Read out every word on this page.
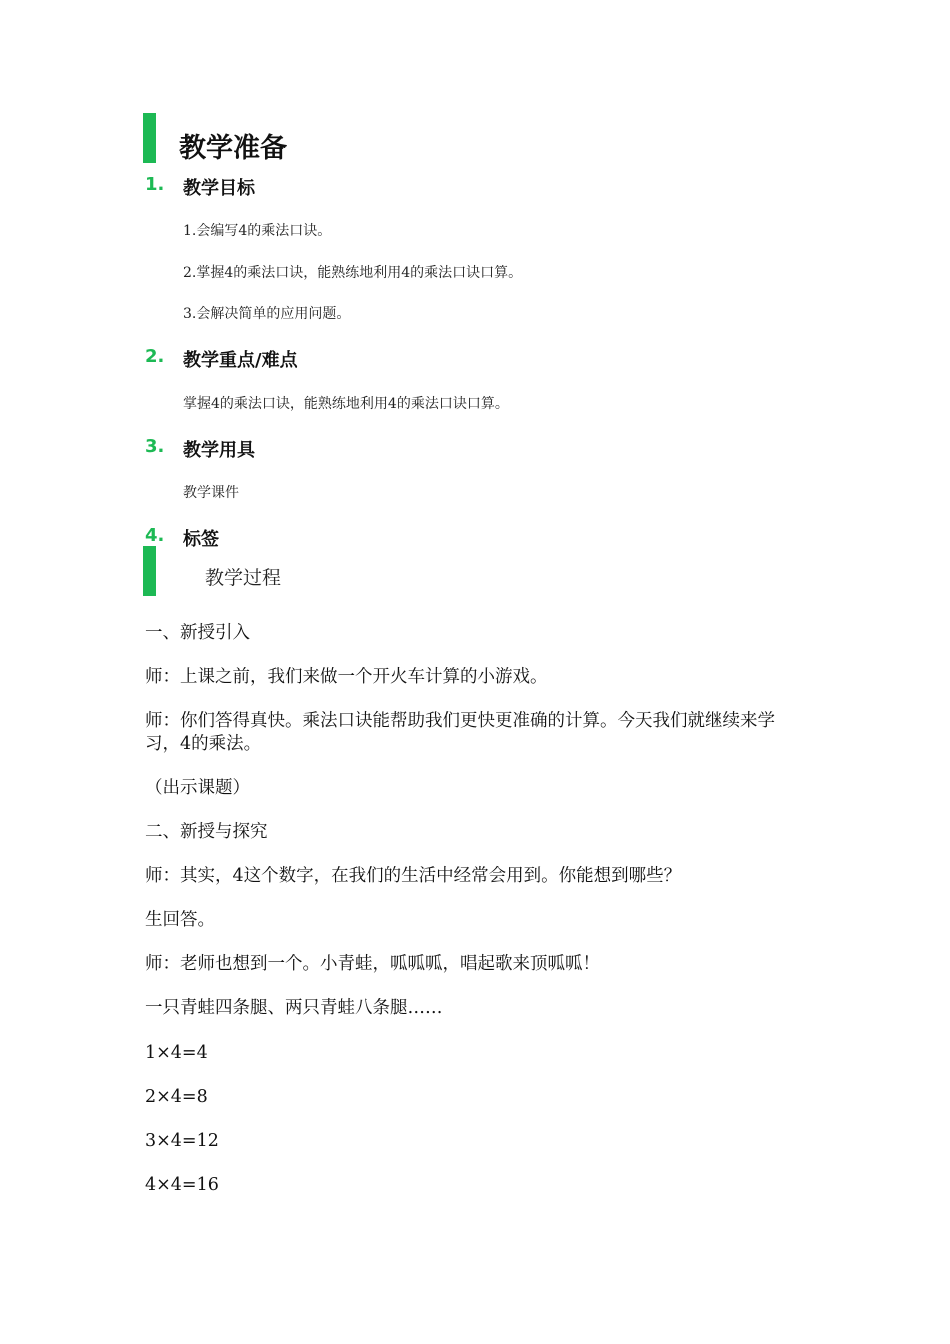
教学准备
1. 教学目标
1.会编写4的乘法口诀。
2.掌握4的乘法口诀，能熟练地利用4的乘法口诀口算。
3.会解决简单的应用问题。
2. 教学重点/难点
掌握4的乘法口诀，能熟练地利用4的乘法口诀口算。
3. 教学用具
教学课件
4. 标签
教学过程
一、新授引入
师：上课之前，我们来做一个开火车计算的小游戏。
师：你们答得真快。乘法口诀能帮助我们更快更准确的计算。今天我们就继续来学习，4的乘法。
（出示课题）
二、新授与探究
师：其实，4这个数字，在我们的生活中经常会用到。你能想到哪些？
生回答。
师：老师也想到一个。小青蛙，呱呱呱，唱起歌来顶呱呱！
一只青蛙四条腿、两只青蛙八条腿……
1×4=4
2×4=8
3×4=12
4×4=16
